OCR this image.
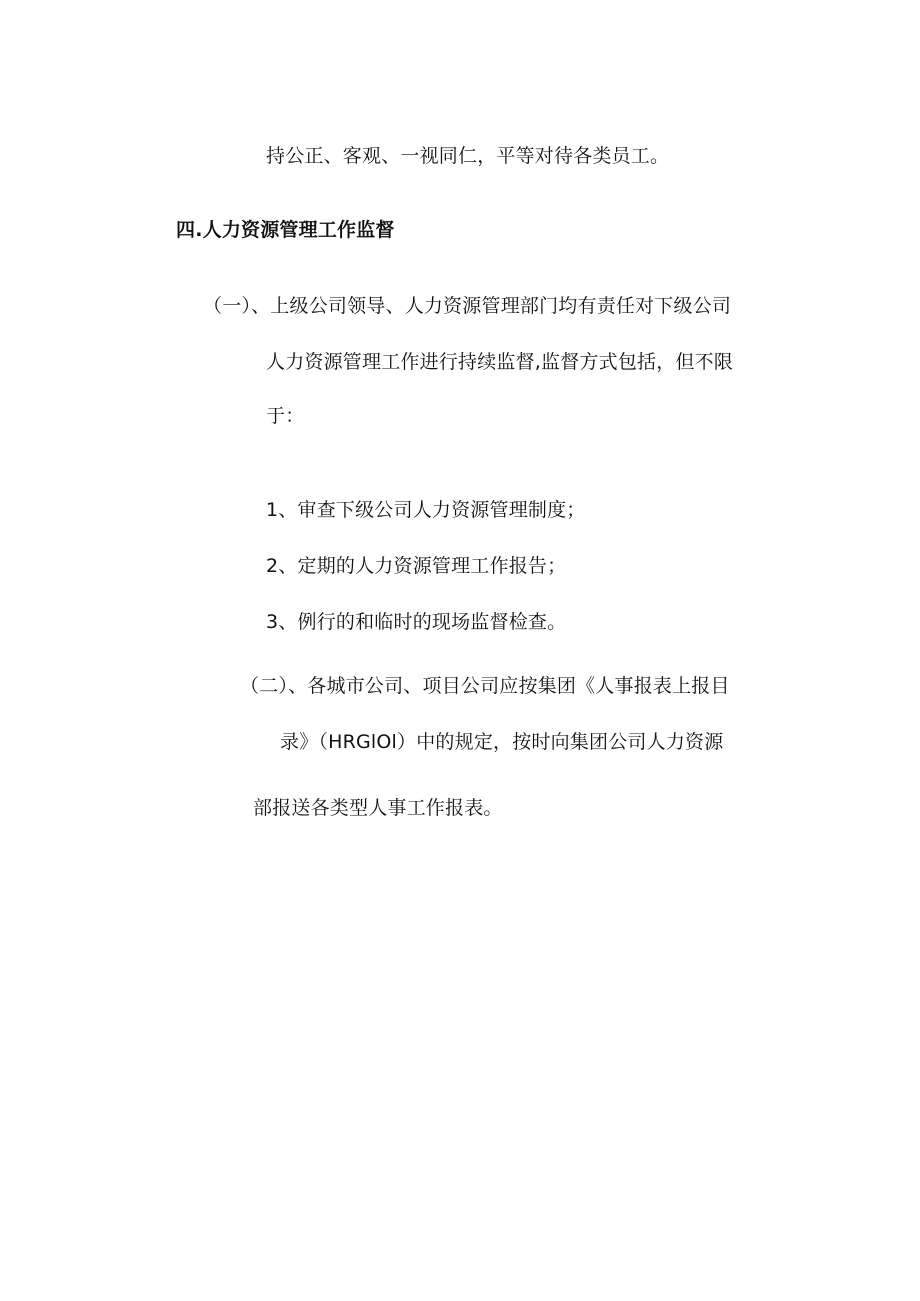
持公正、客观、一视同仁，平等对待各类员工。
四.人力资源管理工作监督
（一）、上级公司领导、人力资源管理部门均有责任对下级公司
人力资源管理工作进行持续监督,监督方式包括，但不限
于：
1、审查下级公司人力资源管理制度；
2、定期的人力资源管理工作报告；
3、例行的和临时的现场监督检查。
（二）、各城市公司、项目公司应按集团《人事报表上报目
录》（HRGlOl）中的规定，按时向集团公司人力资源
部报送各类型人事工作报表。
